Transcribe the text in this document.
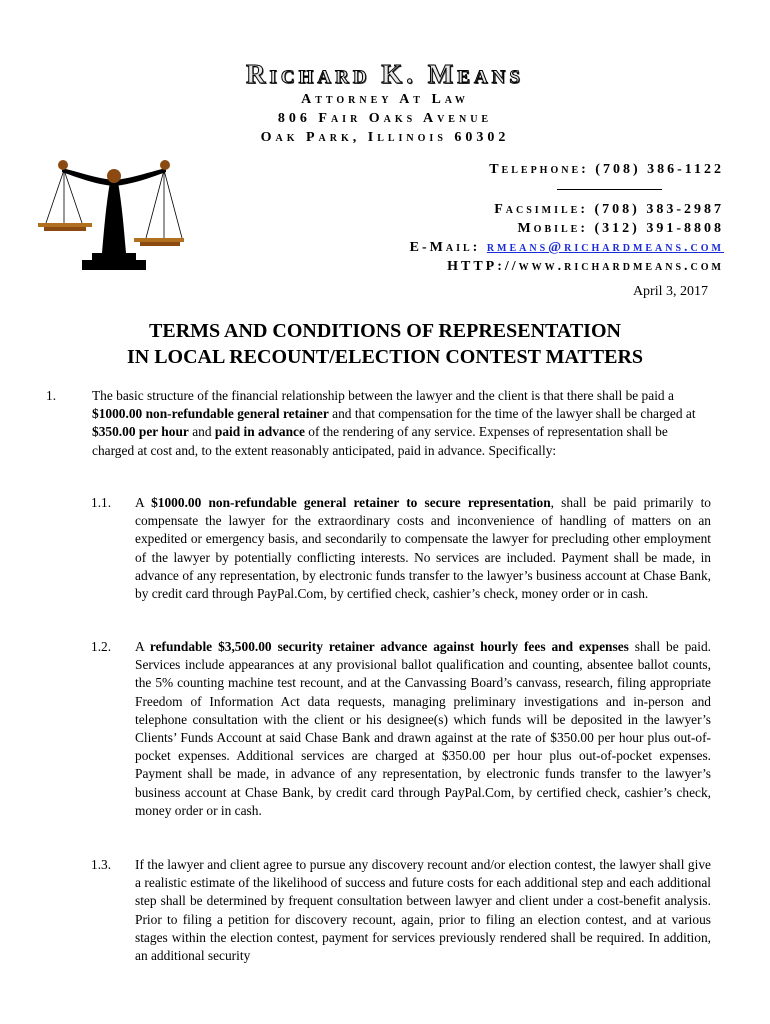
Richard K. Means
Attorney At Law
806 Fair Oaks Avenue
Oak Park, Illinois 60302
Telephone: (708) 386-1122
Facsimile: (708) 383-2987
Mobile: (312) 391-8808
E-Mail: rmeans@richardmeans.com
HTTP://www.richardmeans.com
April 3, 2017
TERMS AND CONDITIONS OF REPRESENTATION
IN LOCAL RECOUNT/ELECTION CONTEST MATTERS
1.	The basic structure of the financial relationship between the lawyer and the client is that there shall be paid a $1000.00 non-refundable general retainer and that compensation for the time of the lawyer shall be charged at $350.00 per hour and paid in advance of the rendering of any service. Expenses of representation shall be charged at cost and, to the extent reasonably anticipated, paid in advance. Specifically:
1.1. A $1000.00 non-refundable general retainer to secure representation, shall be paid primarily to compensate the lawyer for the extraordinary costs and inconvenience of handling of matters on an expedited or emergency basis, and secondarily to compensate the lawyer for precluding other employment of the lawyer by potentially conflicting interests. No services are included. Payment shall be made, in advance of any representation, by electronic funds transfer to the lawyer’s business account at Chase Bank, by credit card through PayPal.Com, by certified check, cashier’s check, money order or in cash.
1.2. A refundable $3,500.00 security retainer advance against hourly fees and expenses shall be paid. Services include appearances at any provisional ballot qualification and counting, absentee ballot counts, the 5% counting machine test recount, and at the Canvassing Board’s canvass, research, filing appropriate Freedom of Information Act data requests, managing preliminary investigations and in-person and telephone consultation with the client or his designee(s) which funds will be deposited in the lawyer’s Clients’ Funds Account at said Chase Bank and drawn against at the rate of $350.00 per hour plus out-of-pocket expenses. Additional services are charged at $350.00 per hour plus out-of-pocket expenses. Payment shall be made, in advance of any representation, by electronic funds transfer to the lawyer’s business account at Chase Bank, by credit card through PayPal.Com, by certified check, cashier’s check, money order or in cash.
1.3. If the lawyer and client agree to pursue any discovery recount and/or election contest, the lawyer shall give a realistic estimate of the likelihood of success and future costs for each additional step and each additional step shall be determined by frequent consultation between lawyer and client under a cost-benefit analysis. Prior to filing a petition for discovery recount, again, prior to filing an election contest, and at various stages within the election contest, payment for services previously rendered shall be required. In addition, an additional security
